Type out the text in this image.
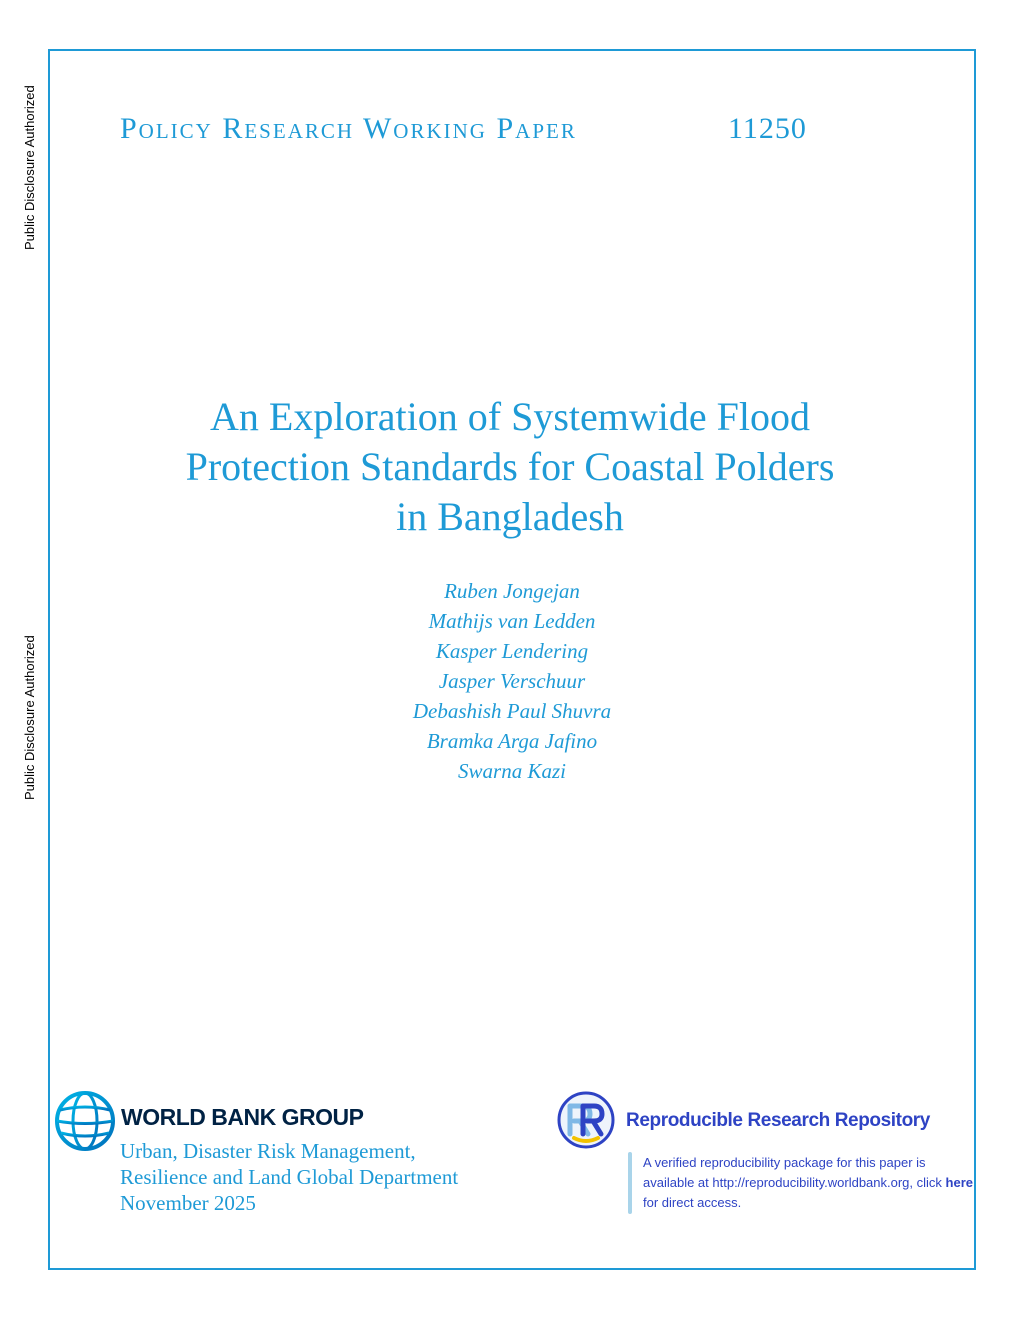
Public Disclosure Authorized
Public Disclosure Authorized
Policy Research Working Paper	11250
An Exploration of Systemwide Flood
Protection Standards for Coastal Polders
in Bangladesh
Ruben Jongejan
Mathijs van Ledden
Kasper Lendering
Jasper Verschuur
Debashish Paul Shuvra
Bramka Arga Jafino
Swarna Kazi
WORLD BANK GROUP
Urban, Disaster Risk Management,
Resilience and Land Global Department
November 2025
Reproducible Research Repository
A verified reproducibility package for this paper is available at http://reproducibility.worldbank.org, click here for direct access.
